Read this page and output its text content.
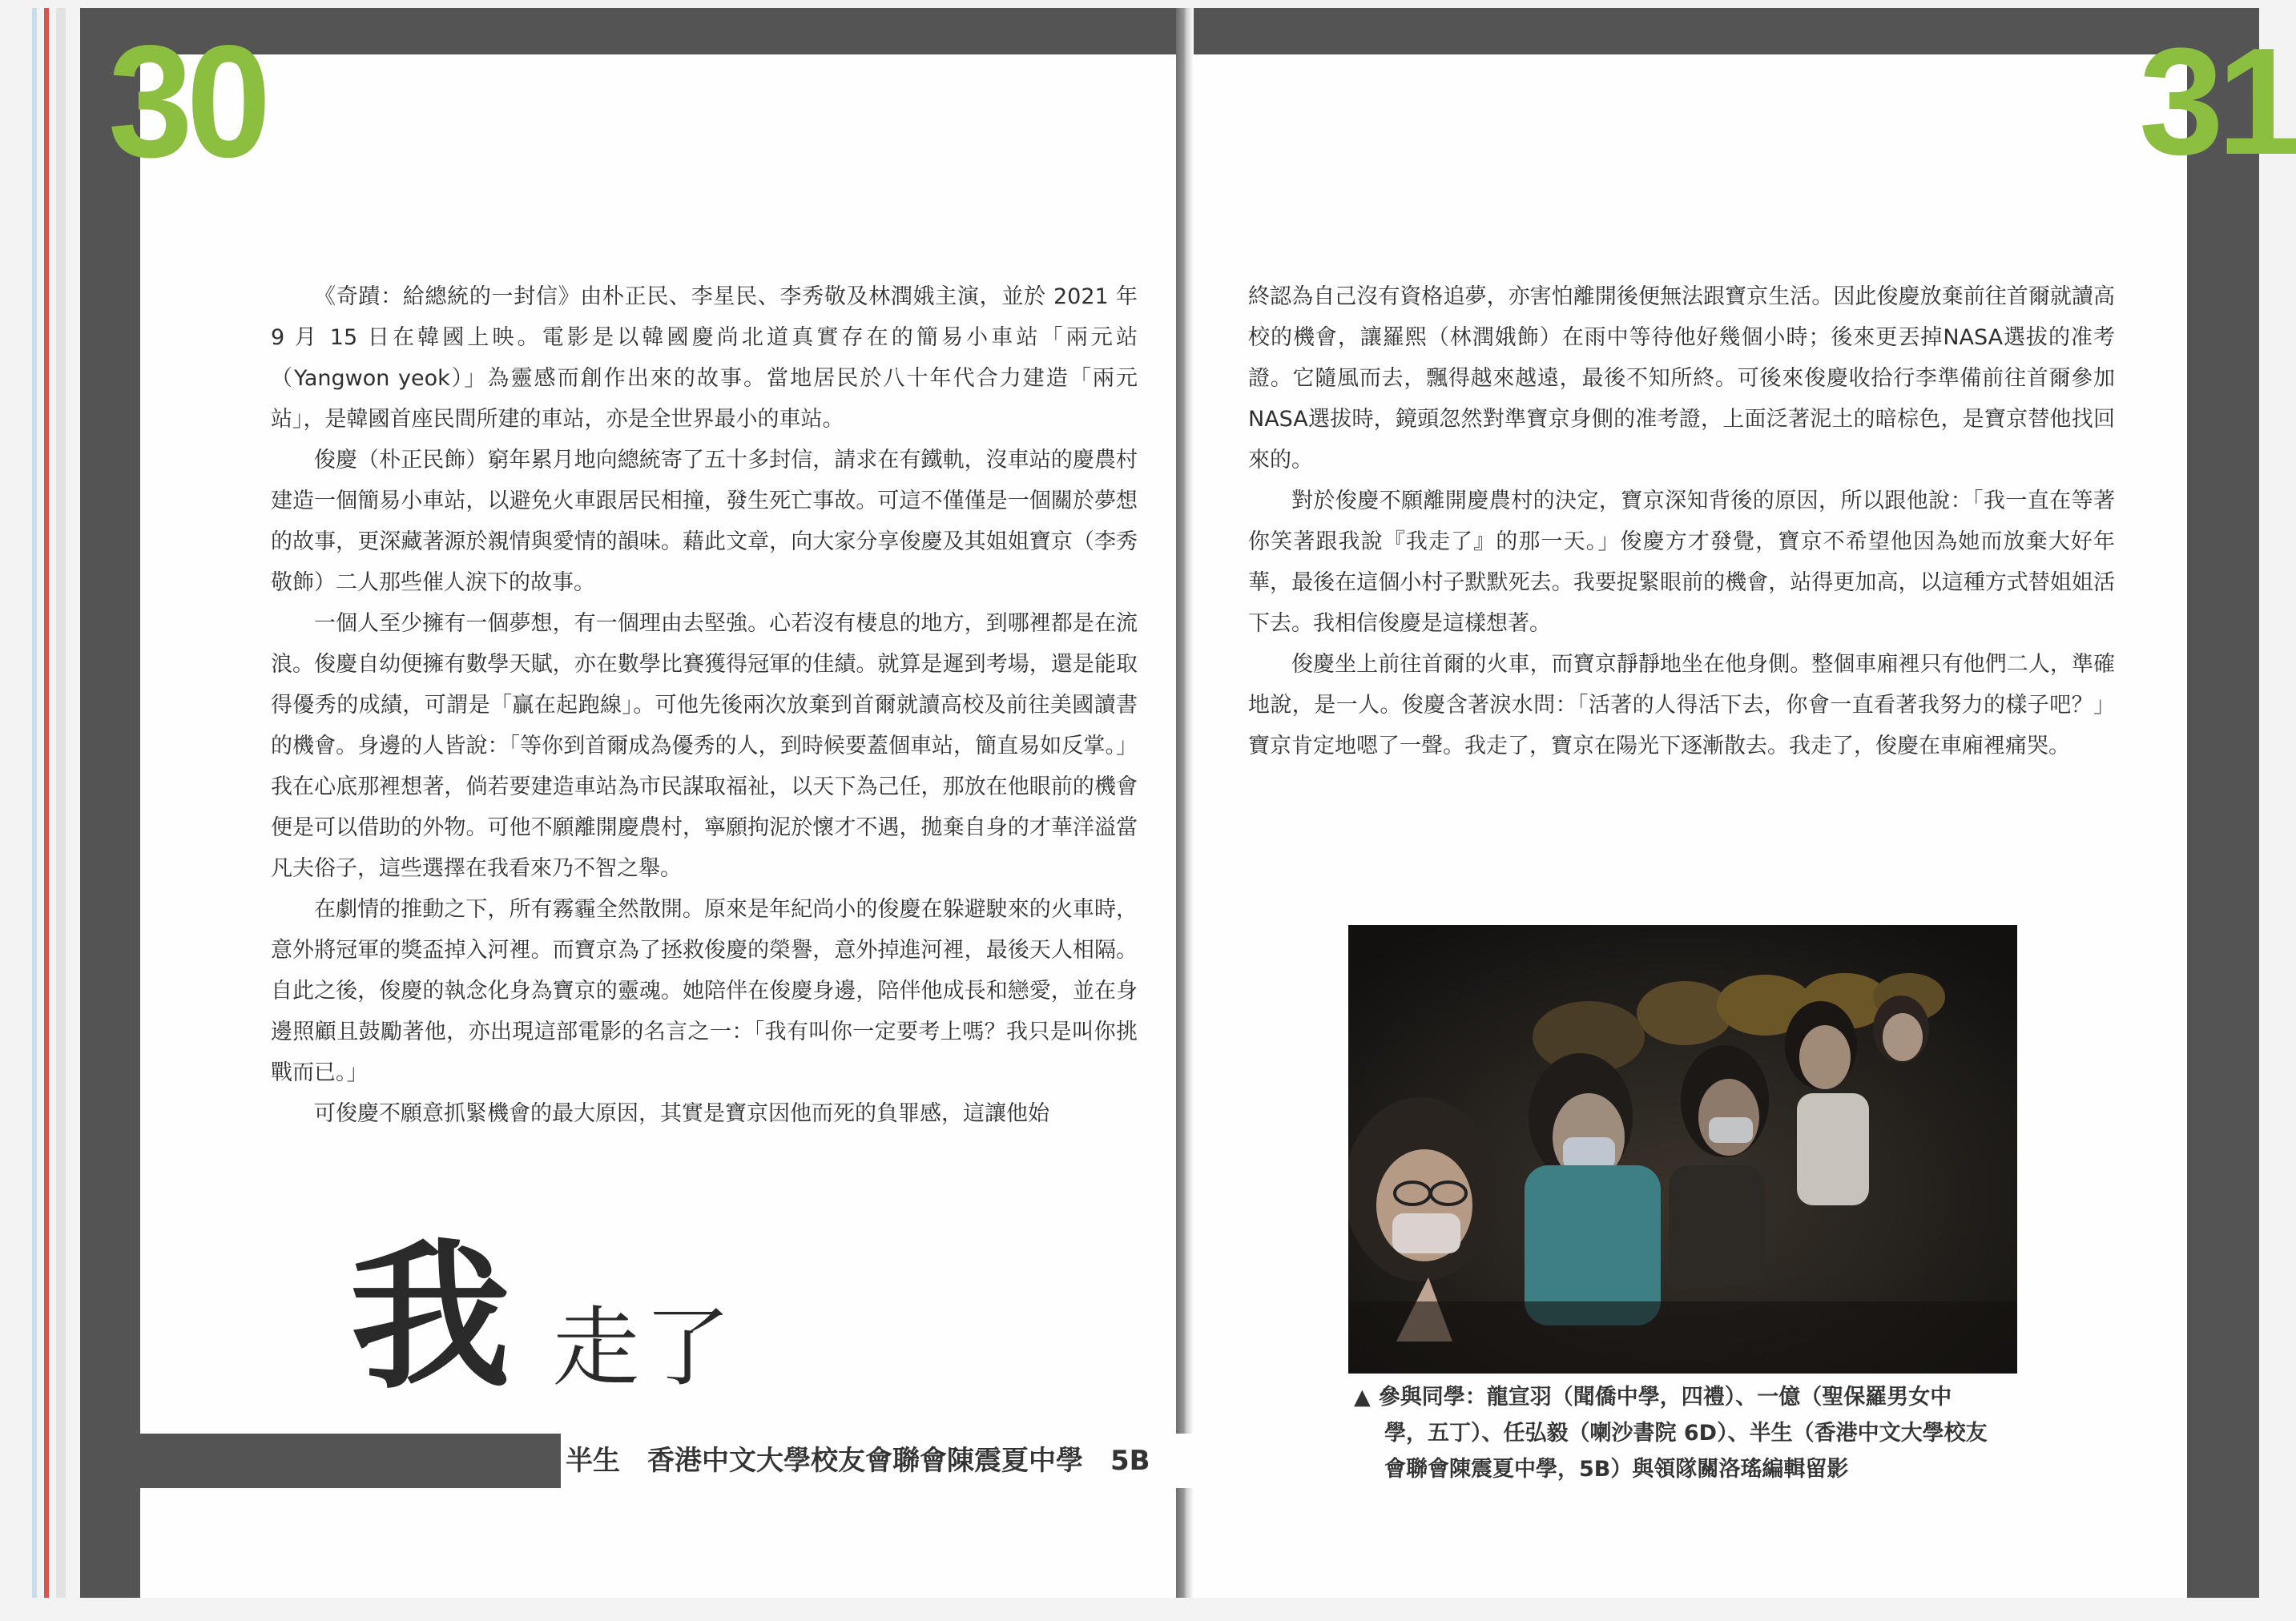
30	31

《奇蹟：給總統的一封信》由朴正民、李星民、李秀敬及林潤娥主演，並於 2021 年 9 月 15 日在韓國上映。電影是以韓國慶尚北道真實存在的簡易小車站「兩元站（Yangwon yeok）」為靈感而創作出來的故事。當地居民於八十年代合力建造「兩元站」，是韓國首座民間所建的車站，亦是全世界最小的車站。

俊慶（朴正民飾）窮年累月地向總統寄了五十多封信，請求在有鐵軌，沒車站的慶農村建造一個簡易小車站，以避免火車跟居民相撞，發生死亡事故。可這不僅僅是一個關於夢想的故事，更深藏著源於親情與愛情的韻味。藉此文章，向大家分享俊慶及其姐姐寶京（李秀敬飾）二人那些催人淚下的故事。

一個人至少擁有一個夢想，有一個理由去堅強。心若沒有棲息的地方，到哪裡都是在流浪。俊慶自幼便擁有數學天賦，亦在數學比賽獲得冠軍的佳績。就算是遲到考場，還是能取得優秀的成績，可謂是「贏在起跑線」。可他先後兩次放棄到首爾就讀高校及前往美國讀書的機會。身邊的人皆說：「等你到首爾成為優秀的人，到時候要蓋個車站，簡直易如反掌。」我在心底那裡想著，倘若要建造車站為市民謀取福祉，以天下為己任，那放在他眼前的機會便是可以借助的外物。可他不願離開慶農村，寧願拘泥於懷才不遇，拋棄自身的才華洋溢當凡夫俗子，這些選擇在我看來乃不智之舉。

在劇情的推動之下，所有霧霾全然散開。原來是年紀尚小的俊慶在躲避駛來的火車時，意外將冠軍的獎盃掉入河裡。而寶京為了拯救俊慶的榮譽，意外掉進河裡，最後天人相隔。自此之後，俊慶的執念化身為寶京的靈魂。她陪伴在俊慶身邊，陪伴他成長和戀愛，並在身邊照顧且鼓勵著他，亦出現這部電影的名言之一：「我有叫你一定要考上嗎？我只是叫你挑戰而已。」

可俊慶不願意抓緊機會的最大原因，其實是寶京因他而死的負罪感，這讓他始

終認為自己沒有資格追夢，亦害怕離開後便無法跟寶京生活。因此俊慶放棄前往首爾就讀高校的機會，讓羅熙（林潤娥飾）在雨中等待他好幾個小時；後來更丟掉NASA選拔的准考證。它隨風而去，飄得越來越遠，最後不知所終。可後來俊慶收拾行李準備前往首爾參加NASA選拔時，鏡頭忽然對準寶京身側的准考證，上面泛著泥土的暗棕色，是寶京替他找回來的。

對於俊慶不願離開慶農村的決定，寶京深知背後的原因，所以跟他說：「我一直在等著你笑著跟我說『我走了』的那一天。」俊慶方才發覺，寶京不希望他因為她而放棄大好年華，最後在這個小村子默默死去。我要捉緊眼前的機會，站得更加高，以這種方式替姐姐活下去。我相信俊慶是這樣想著。

俊慶坐上前往首爾的火車，而寶京靜靜地坐在他身側。整個車廂裡只有他們二人，準確地說，是一人。俊慶含著淚水問：「活著的人得活下去，你會一直看著我努力的樣子吧？」寶京肯定地嗯了一聲。我走了，寶京在陽光下逐漸散去。我走了，俊慶在車廂裡痛哭。

我 走了
半生　香港中文大學校友會聯會陳震夏中學　5B
▲ 參與同學：龍宣羽（聞僑中學，四禮）、一億（聖保羅男女中
學，五丁）、任弘毅（喇沙書院 6D）、半生（香港中文大學校友
會聯會陳震夏中學，5B）與領隊關洛瑤編輯留影
